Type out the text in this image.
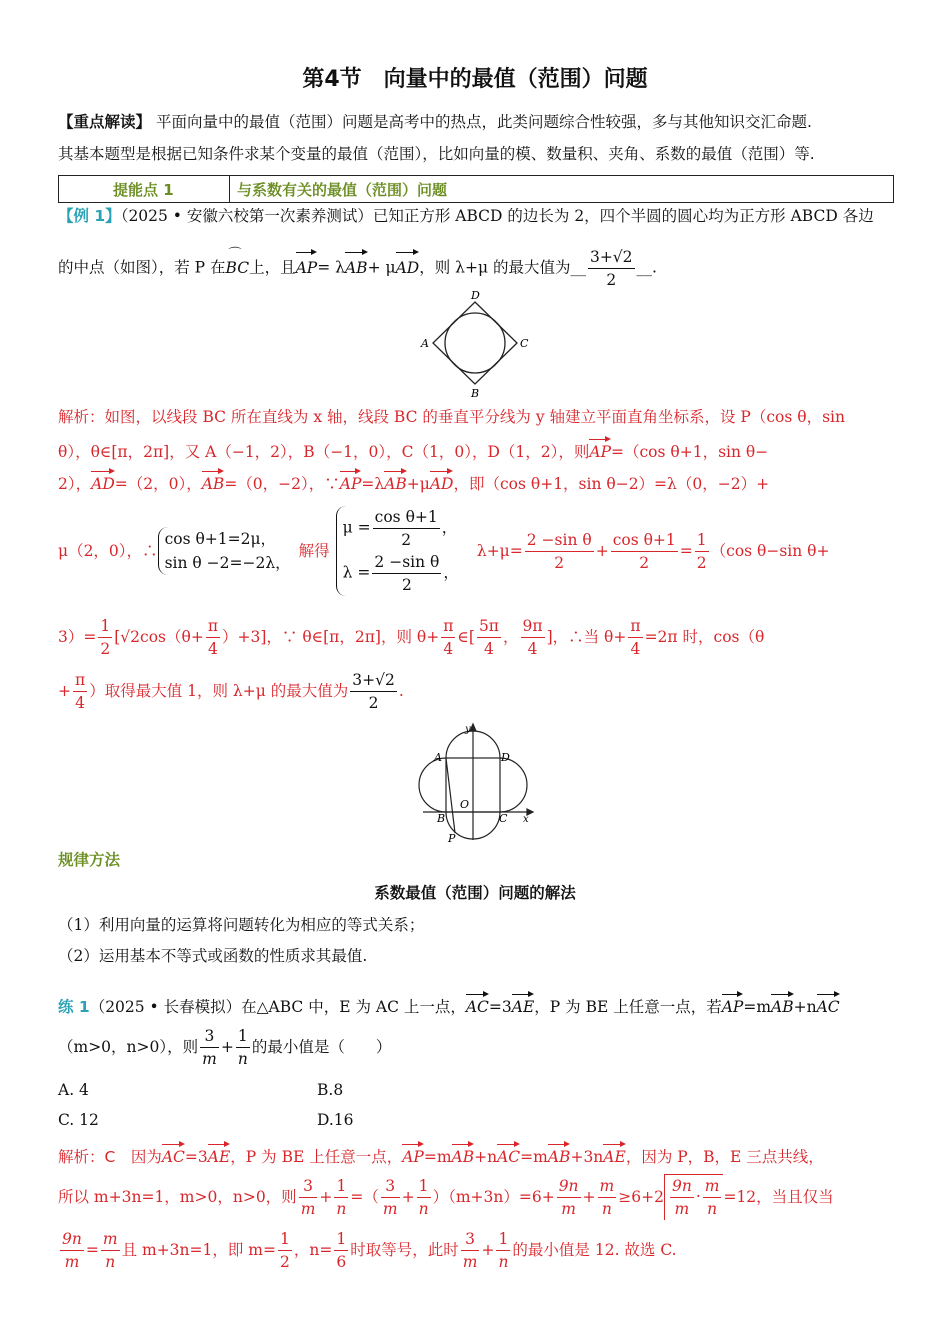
第4节　向量中的最值（范围）问题
【重点解读】 平面向量中的最值（范围）问题是高考中的热点，此类问题综合性较强，多与其他知识交汇命题.
其基本题型是根据已知条件求某个变量的最值（范围），比如向量的模、数量积、夹角、系数的最值（范围）等.
提能点 1	与系数有关的最值（范围）问题
【例 1】（2025 • 安徽六校第一次素养测试）已知正方形 ABCD 的边长为 2，四个半圆的圆心均为正方形 ABCD 各边
的中点（如图），若 P 在⌒ BC上，且AP= λAB+ μAD，则 λ+μ 的最大值为__ $\frac{3+√2}{2}$ __.
D
A	C
B
解析：如图，以线段 BC 所在直线为 x 轴，线段 BC 的垂直平分线为 y 轴建立平面直角坐标系，设 P（cos θ，sin
θ），θ∈[π，2π]，又 A（−1，2），B（−1，0），C（1，0），D（1，2），则AP=（cos θ+1，sin θ−
2），AD=（2，0），AB=（0，−2），∵AP=λAB+μAD，即（cos θ+1，sin θ−2）=λ（0，−2）+
μ（2，0），∴
cos θ+1=2μ，
sin θ −2=−2λ，
解得
$\mu = \frac{\text{cos θ+1}}{2}$ ，
$\lambda = \frac{\text{2 −sin θ}}{2}$ ，
$\lambda+\mu= \frac{\text{2 −sin θ}}{2} + \frac{\text{cos θ+1}}{2} = \frac{1}{2} (\cos$ θ−sin θ+
$3)= \frac{1}{2} [√2\cos(\theta+ \frac{\pi}{4} )+3]$，∵ θ∈[π，2π]，则 $\theta+ \frac{\pi}{4}$ ∈[ $\frac{5\pi}{4}$ ， $\frac{9\pi}{4}$ ]，∴当 $\theta+ \frac{\pi}{4} =2\pi$ 时，cos（θ
+ $\frac{\pi}{4}$ ）取得最大值 1，则 λ+μ 的最大值为 $\frac{3+√2}{2}$ .
y
x
O
A
B	C
D
P
规律方法
系数最值（范围）问题的解法
（1）利用向量的运算将问题转化为相应的等式关系；
（2）运用基本不等式或函数的性质求其最值.
练 1（2025 • 长春模拟）在△ABC 中，E 为 AC 上一点，AC=3AE，P 为 BE 上任意一点，若AP=mAB+nAC
（m>0，n>0），则 $\frac{3}{m} + \frac{1}{n}$ 的最小值是（　　）
A. 4	B.8
C. 12	D.16
解析：C　 因为AC=3AE，P 为 BE 上任意一点，AP=mAB+nAC=mAB+3nAE，因为 P，B，E 三点共线，
所以 m+3n=1，m>0，n>0，则 $\frac{3}{m} + \frac{1}{n}$ =（ $\frac{3}{m} + \frac{1}{n} )(m+3n)=6+ \frac{9n}{m} + \frac{m}{n} \ge 6+2 \frac{9n}{m} \cdot \frac{m}{n} =12$，当且仅当
$\frac{9n}{m} = \frac{m}{n}$ 且 m+3n=1，即 $m= \frac{1}{2}$ ，$n= \frac{1}{6}$ 时取等号，此时 $\frac{3}{m} + \frac{1}{n}$ 的最小值是 12. 故选 C.
